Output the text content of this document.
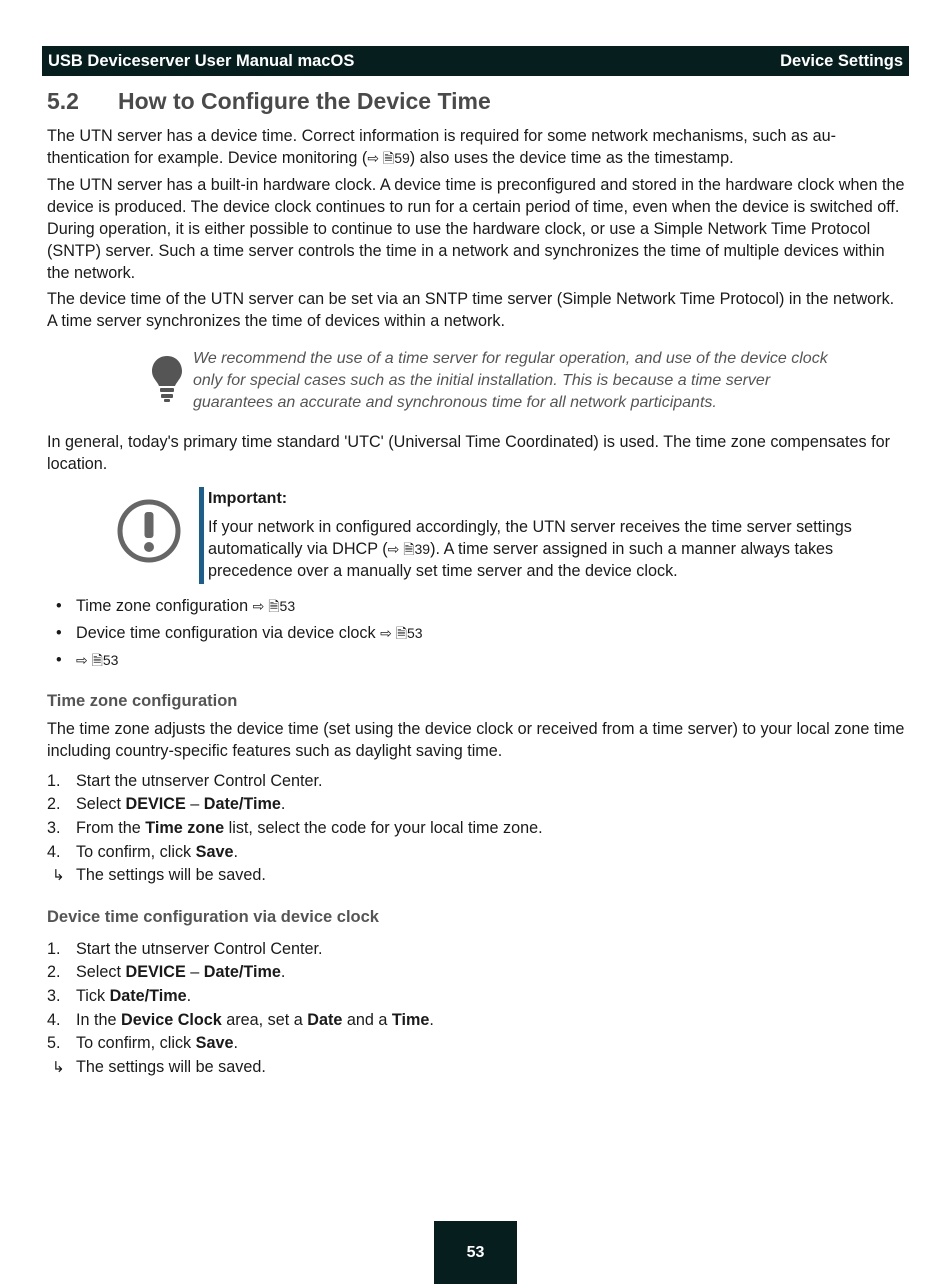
USB Deviceserver User Manual macOS	Device Settings
5.2 How to Configure the Device Time
The UTN server has a device time. Correct information is required for some network mechanisms, such as au-
thentication for example. Device monitoring (⇨ 🗎59) also uses the device time as the timestamp.

The UTN server has a built-in hardware clock. A device time is preconfigured and stored in the hardware clock when the device is produced. The device clock continues to run for a certain period of time, even when the device is switched off. During operation, it is either possible to continue to use the hardware clock, or use a Simple Network Time Protocol (SNTP) server. Such a time server controls the time in a network and synchronizes the time of multiple devices within the network.

The device time of the UTN server can be set via an SNTP time server (Simple Network Time Protocol) in the network. A time server synchronizes the time of devices within a network.

We recommend the use of a time server for regular operation, and use of the device clock only for special cases such as the initial installation. This is because a time server guarantees an accurate and synchronous time for all network participants.

In general, today's primary time standard 'UTC' (Universal Time Coordinated) is used. The time zone compensates for location.

Important:
If your network in configured accordingly, the UTN server receives the time server settings automatically via DHCP (⇨ 🗎39). A time server assigned in such a manner always takes precedence over a manually set time server and the device clock.
• Time zone configuration ⇨ 🗎53
• Device time configuration via device clock ⇨ 🗎53
• ⇨ 🗎53
Time zone configuration

The time zone adjusts the device time (set using the device clock or received from a time server) to your local zone time including country-specific features such as daylight saving time.

1. Start the utnserver Control Center.
2. Select DEVICE – Date/Time.
3. From the Time zone list, select the code for your local time zone.
4. To confirm, click Save.
↳ The settings will be saved.
Device time configuration via device clock
1. Start the utnserver Control Center.
2. Select DEVICE – Date/Time.
3. Tick Date/Time.
4. In the Device Clock area, set a Date and a Time.
5. To confirm, click Save.
↳ The settings will be saved.
53
